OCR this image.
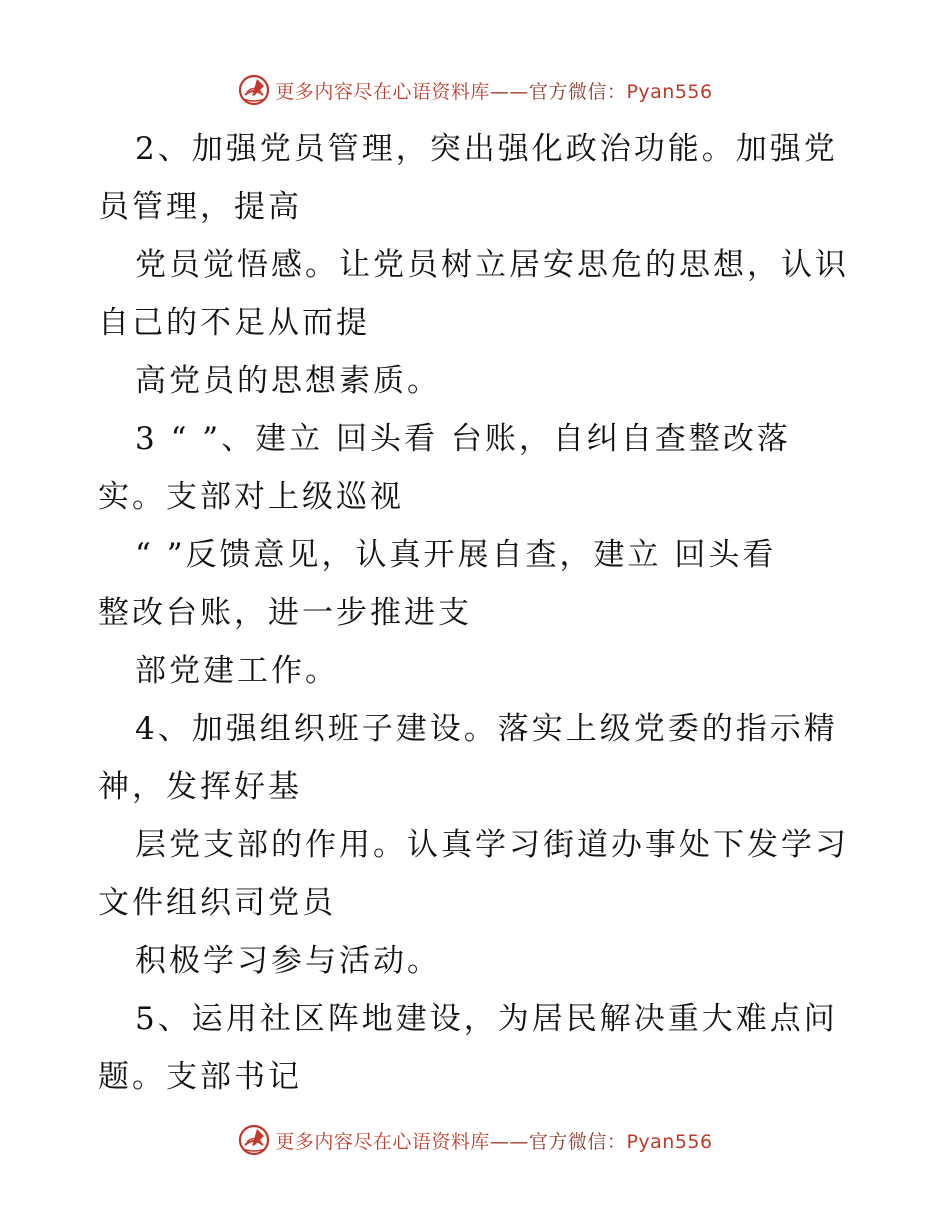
更多内容尽在心语资料库——官方微信：Pyan556
2、加强党员管理，突出强化政治功能。加强党
员管理，提高
党员觉悟感。让党员树立居安思危的思想，认识
自己的不足从而提
高党员的思想素质。
3 “ ”、建立 回头看 台账，自纠自查整改落
实。支部对上级巡视
“ ”反馈意见，认真开展自查，建立 回头看
整改台账，进一步推进支
部党建工作。
4、加强组织班子建设。落实上级党委的指示精
神，发挥好基
层党支部的作用。认真学习街道办事处下发学习
文件组织司党员
积极学习参与活动。
5、运用社区阵地建设，为居民解决重大难点问
题。支部书记
更多内容尽在心语资料库——官方微信：Pyan556
